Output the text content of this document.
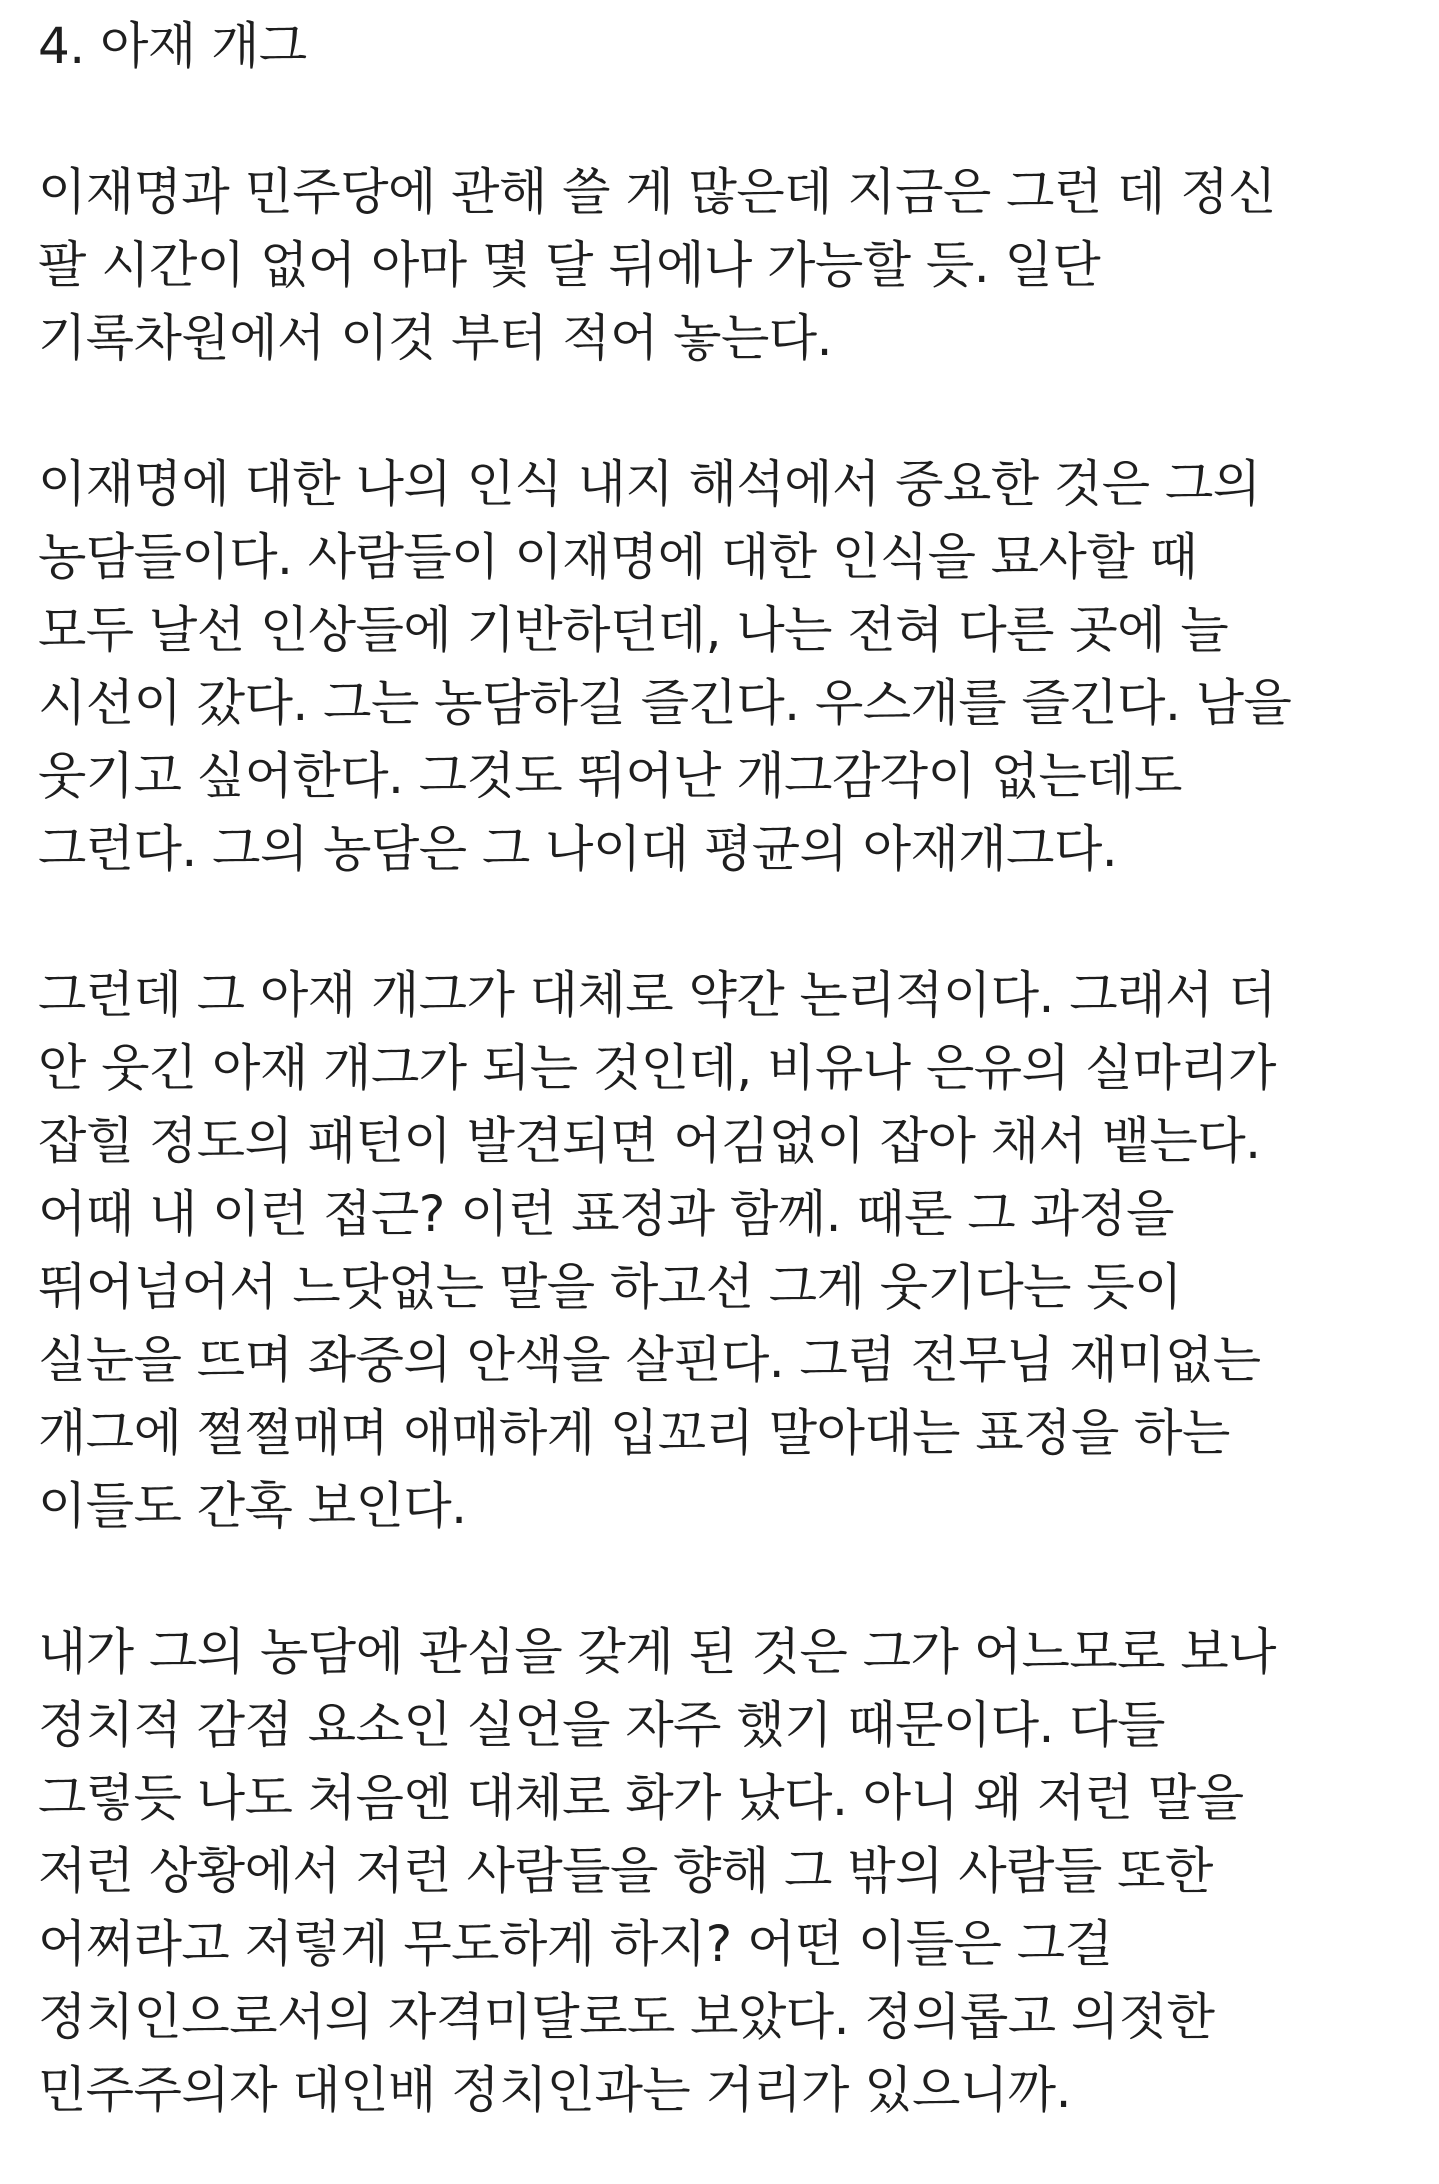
4. 아재 개그
이재명과 민주당에 관해 쓸 게 많은데 지금은 그런 데 정신
팔 시간이 없어 아마 몇 달 뒤에나 가능할 듯. 일단
기록차원에서 이것 부터 적어 놓는다.
이재명에 대한 나의 인식 내지 해석에서 중요한 것은 그의
농담들이다. 사람들이 이재명에 대한 인식을 묘사할 때
모두 날선 인상들에 기반하던데, 나는 전혀 다른 곳에 늘
시선이 갔다. 그는 농담하길 즐긴다. 우스개를 즐긴다. 남을
웃기고 싶어한다. 그것도 뛰어난 개그감각이 없는데도
그런다. 그의 농담은 그 나이대 평균의 아재개그다.
그런데 그 아재 개그가 대체로 약간 논리적이다. 그래서 더
안 웃긴 아재 개그가 되는 것인데, 비유나 은유의 실마리가
잡힐 정도의 패턴이 발견되면 어김없이 잡아 채서 뱉는다.
어때 내 이런 접근? 이런 표정과 함께. 때론 그 과정을
뛰어넘어서 느닷없는 말을 하고선 그게 웃기다는 듯이
실눈을 뜨며 좌중의 안색을 살핀다. 그럼 전무님 재미없는
개그에 쩔쩔매며 애매하게 입꼬리 말아대는 표정을 하는
이들도 간혹 보인다.
내가 그의 농담에 관심을 갖게 된 것은 그가 어느모로 보나
정치적 감점 요소인 실언을 자주 했기 때문이다. 다들
그렇듯 나도 처음엔 대체로 화가 났다. 아니 왜 저런 말을
저런 상황에서 저런 사람들을 향해 그 밖의 사람들 또한
어쩌라고 저렇게 무도하게 하지? 어떤 이들은 그걸
정치인으로서의 자격미달로도 보았다. 정의롭고 의젓한
민주주의자 대인배 정치인과는 거리가 있으니까.
